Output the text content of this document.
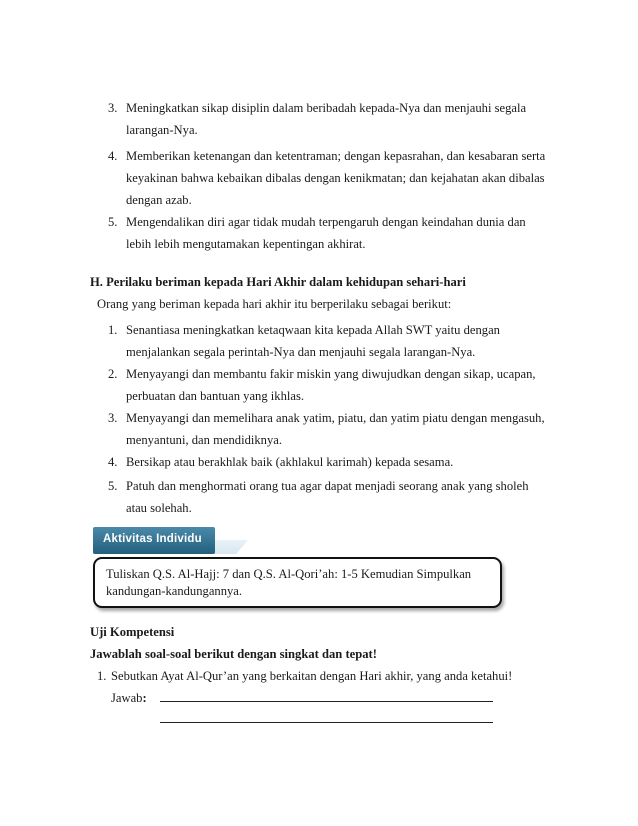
3. Meningkatkan sikap disiplin dalam beribadah kepada-Nya dan menjauhi segala
larangan-Nya.
4. Memberikan ketenangan dan ketentraman; dengan kepasrahan, dan kesabaran serta
keyakinan bahwa kebaikan dibalas dengan kenikmatan; dan kejahatan akan dibalas
dengan azab.
5. Mengendalikan diri agar tidak mudah terpengaruh dengan keindahan dunia dan
lebih lebih mengutamakan kepentingan akhirat.
H. Perilaku beriman kepada Hari Akhir dalam kehidupan sehari-hari
Orang yang beriman kepada hari akhir itu berperilaku sebagai berikut:
1. Senantiasa meningkatkan ketaqwaan kita kepada Allah SWT yaitu dengan
menjalankan segala perintah-Nya dan menjauhi segala larangan-Nya.
2. Menyayangi dan membantu fakir miskin yang diwujudkan dengan sikap, ucapan,
perbuatan dan bantuan yang ikhlas.
3. Menyayangi dan memelihara anak yatim, piatu, dan yatim piatu dengan mengasuh,
menyantuni, dan mendidiknya.
4. Bersikap atau berakhlak baik (akhlakul karimah) kepada sesama.
5. Patuh dan menghormati orang tua agar dapat menjadi seorang anak yang sholeh
atau solehah.
Tuliskan Q.S. Al-Hajj: 7 dan Q.S. Al-Qori’ah: 1-5 Kemudian Simpulkan
kandungan-kandungannya.
Aktivitas Individu
Uji Kompetensi
Jawablah soal-soal berikut dengan singkat dan tepat!
1. Sebutkan Ayat Al-Qur’an yang berkaitan dengan Hari akhir, yang anda ketahui!
Jawab:
